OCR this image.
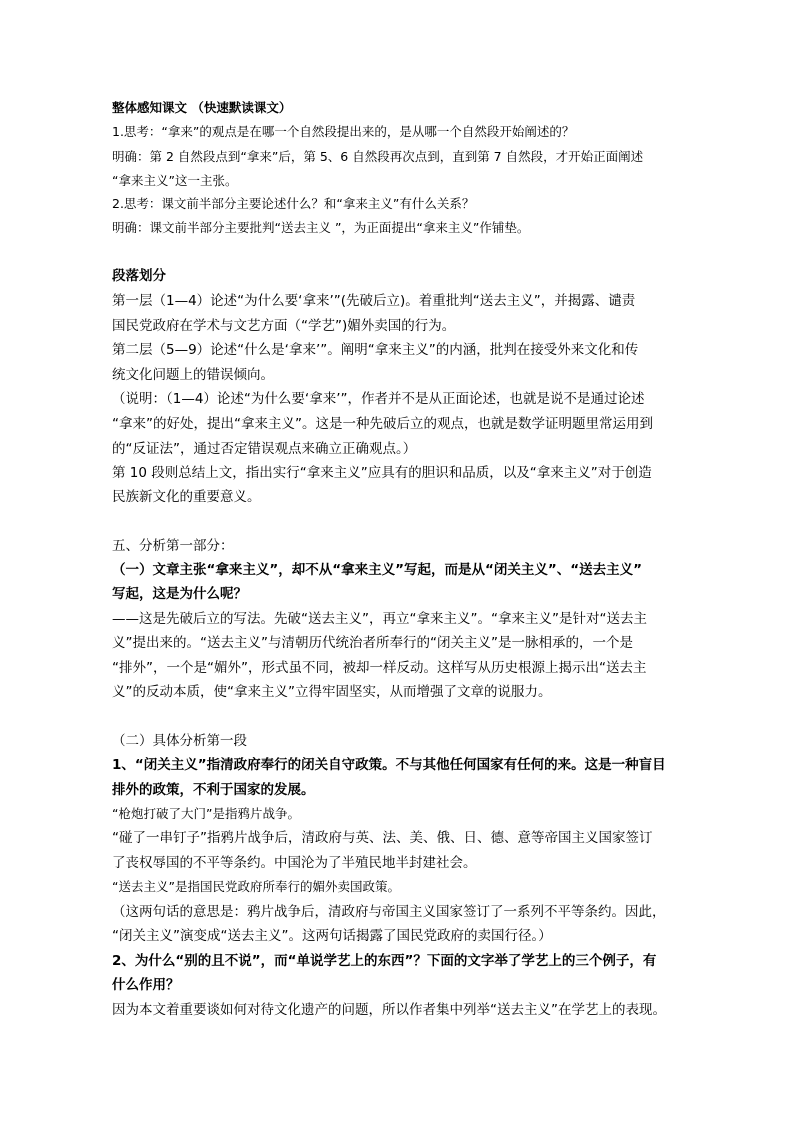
整体感知课文 （快速默读课文）
1.思考：“拿来”的观点是在哪一个自然段提出来的，是从哪一个自然段开始阐述的？
明确：第 2 自然段点到“拿来”后，第 5、6 自然段再次点到，直到第 7 自然段，才开始正面阐述
“拿来主义”这一主张。
2.思考：课文前半部分主要论述什么？和“拿来主义”有什么关系？
明确：课文前半部分主要批判“送去主义 ”，为正面提出“拿来主义”作铺垫。
段落划分
第一层（1—4）论述“为什么要‘拿来’”(先破后立)。着重批判“送去主义”，并揭露、谴责
国民党政府在学术与文艺方面（“学艺”)媚外卖国的行为。
第二层（5—9）论述“什么是‘拿来’”。阐明“拿来主义”的内涵，批判在接受外来文化和传
统文化问题上的错误倾向。
（说明：（1—4）论述“为什么要‘拿来’”，作者并不是从正面论述，也就是说不是通过论述
“拿来”的好处，提出“拿来主义”。这是一种先破后立的观点，也就是数学证明题里常运用到
的“反证法”，通过否定错误观点来确立正确观点。）
第 10 段则总结上文，指出实行“拿来主义”应具有的胆识和品质，以及“拿来主义”对于创造
民族新文化的重要意义。
五、分析第一部分：
（一）文章主张“拿来主义”，却不从“拿来主义”写起，而是从“闭关主义”、“送去主义”
写起，这是为什么呢？
——这是先破后立的写法。先破“送去主义”，再立“拿来主义”。“拿来主义”是针对“送去主
义”提出来的。“送去主义”与清朝历代统治者所奉行的“闭关主义”是一脉相承的，一个是
“排外”，一个是“媚外”，形式虽不同，被却一样反动。这样写从历史根源上揭示出“送去主
义”的反动本质，使“拿来主义”立得牢固坚实，从而增强了文章的说服力。
（二）具体分析第一段
1、“闭关主义”指清政府奉行的闭关自守政策。不与其他任何国家有任何的来。这是一种盲目
排外的政策，不利于国家的发展。
“枪炮打破了大门”是指鸦片战争。
“碰了一串钉子”指鸦片战争后，清政府与英、法、美、俄、日、德、意等帝国主义国家签订
了丧权辱国的不平等条约。中国沦为了半殖民地半封建社会。
“送去主义”是指国民党政府所奉行的媚外卖国政策。
（这两句话的意思是：鸦片战争后，清政府与帝国主义国家签订了一系列不平等条约。因此，
“闭关主义”演变成“送去主义”。这两句话揭露了国民党政府的卖国行径。）
2、为什么“别的且不说”，而“单说学艺上的东西”？下面的文字举了学艺上的三个例子，有
什么作用？
因为本文着重要谈如何对待文化遗产的问题，所以作者集中列举“送去主义”在学艺上的表现。
